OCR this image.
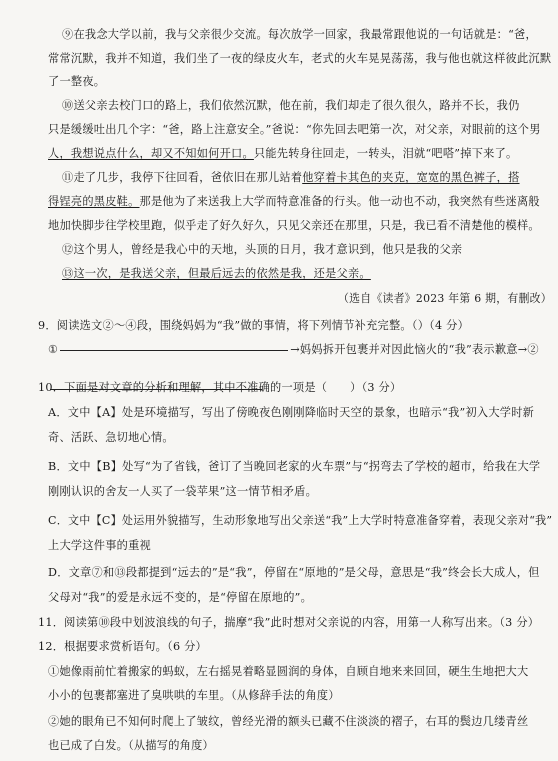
⑨在我念大学以前，我与父亲很少交流。每次放学一回家，我最常跟他说的一句话就是：“爸，
常常沉默，我并不知道，我们坐了一夜的绿皮火车，老式的火车晃晃荡荡，我与他也就这样彼此沉默
了一整夜。
⑩送父亲去校门口的路上，我们依然沉默，他在前，我们却走了很久很久，路并不长，我仍
只是缓缓吐出几个字：“爸，路上注意安全。”爸说：“你先回去吧第一次，对父亲，对眼前的这个男
人，我想说点什么，却又不知如何开口。只能先转身往回走，一转头，泪就“吧嗒”掉下来了。
⑪走了几步，我停下往回看，爸依旧在那儿站着他穿着卡其色的夹克，宽宽的黑色裤子，搭
得锃亮的黑皮鞋。那是他为了来送我上大学而特意准备的行头。他一动也不动，我突然有些迷离般
地加快脚步往学校里跑，似乎走了好久好久，只见父亲还在那里，只是，我已看不清楚他的模样。
⑫这个男人，曾经是我心中的天地，头顶的日月，我才意识到，他只是我的父亲
⑬这一次，是我送父亲，但最后远去的依然是我，还是父亲。
（选自《读者》2023 年第 6 期，有删改）
9．阅读选文②～④段，围绕妈妈为“我”做的事情，将下列情节补充完整。（）（4 分）
①	→妈妈拆开包裹并对因此恼火的“我”表示歉意→②
10．下面是对文章的分析和理解，其中不准确的一项是（　　）（3 分）
A．文中【A】处是环境描写，写出了傍晚夜色刚刚降临时天空的景象，也暗示“我”初入大学时新
奇、活跃、急切地心情。
B．文中【B】处写“为了省钱，爸订了当晚回老家的火车票”与“拐弯去了学校的超市，给我在大学
刚刚认识的舍友一人买了一袋苹果”这一情节相矛盾。
C．文中【C】处运用外貌描写，生动形象地写出父亲送“我”上大学时特意准备穿着，表现父亲对“我”
上大学这件事的重视
D．文章⑦和⑬段都提到“远去的”是“我”，停留在“原地的”是父母，意思是“我”终会长大成人，但
父母对“我”的爱是永远不变的，是“停留在原地的”。
11．阅读第⑩段中划波浪线的句子，揣摩“我”此时想对父亲说的内容，用第一人称写出来。（3 分）
12．根据要求赏析语句。（6 分）
①她像雨前忙着搬家的蚂蚁，左右摇晃着略显圆润的身体，自顾自地来来回回，硬生生地把大大
小小的包裹都塞进了臭哄哄的车里。（从修辞手法的角度）
②她的眼角已不知何时爬上了皱纹，曾经光滑的额头已藏不住淡淡的褶子，右耳的鬓边几缕青丝
也已成了白发。（从描写的角度）
